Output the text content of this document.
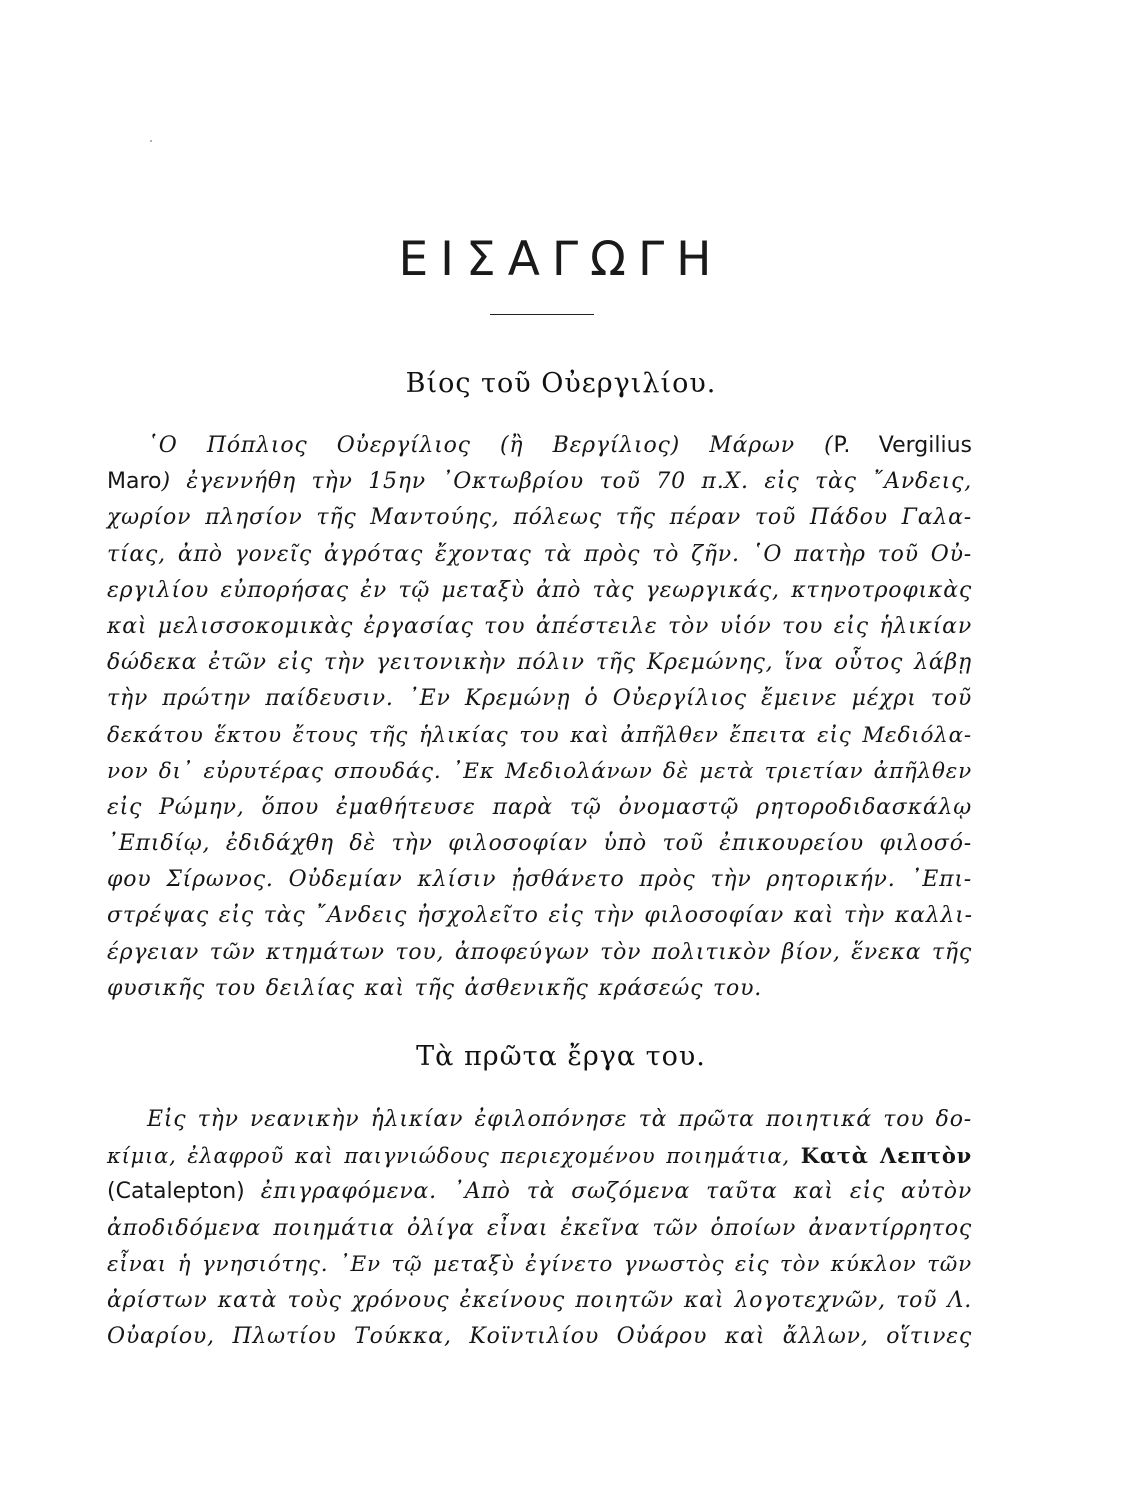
ΕΙΣΑΓΩΓΗ
Βίος τοῦ Οὐεργιλίου.
῾Ο Πόπλιος Οὐεργίλιος (ἢ Βεργίλιος) Μάρων (P. Vergilius
Maro) ἐγεννήθη τὴν 15ην ᾿Οκτωβρίου τοῦ 70 π.Χ. εἰς τὰς ῎Ανδεις,
χωρίον πλησίον τῆς Μαντούης, πόλεως τῆς πέραν τοῦ Πάδου Γαλα-
τίας, ἀπὸ γονεῖς ἀγρότας ἔχοντας τὰ πρὸς τὸ ζῆν. ῾Ο πατὴρ τοῦ Οὐ-
εργιλίου εὐπορήσας ἐν τῷ μεταξὺ ἀπὸ τὰς γεωργικάς, κτηνοτροφικὰς
καὶ μελισσοκομικὰς ἐργασίας του ἀπέστειλε τὸν υἱόν του εἰς ἡλικίαν
δώδεκα ἐτῶν εἰς τὴν γειτονικὴν πόλιν τῆς Κρεμώνης, ἵνα οὗτος λάβῃ
τὴν πρώτην παίδευσιν. ᾿Εν Κρεμώνῃ ὁ Οὐεργίλιος ἔμεινε μέχρι τοῦ
δεκάτου ἕκτου ἔτους τῆς ἡλικίας του καὶ ἀπῆλθεν ἔπειτα εἰς Μεδιόλα-
νον δι᾿ εὐρυτέρας σπουδάς. ᾿Εκ Μεδιολάνων δὲ μετὰ τριετίαν ἀπῆλθεν
εἰς Ρώμην, ὅπου ἐμαθήτευσε παρὰ τῷ ὀνομαστῷ ρητοροδιδασκάλῳ
᾿Επιδίῳ, ἐδιδάχθη δὲ τὴν φιλοσοφίαν ὑπὸ τοῦ ἐπικουρείου φιλοσό-
φου Σίρωνος. Οὐδεμίαν κλίσιν ᾐσθάνετο πρὸς τὴν ρητορικήν. ᾿Επι-
στρέψας εἰς τὰς ῎Ανδεις ἠσχολεῖτο εἰς τὴν φιλοσοφίαν καὶ τὴν καλλι-
έργειαν τῶν κτημάτων του, ἀποφεύγων τὸν πολιτικὸν βίον, ἕνεκα τῆς
φυσικῆς του δειλίας καὶ τῆς ἀσθενικῆς κράσεώς του.
Τὰ πρῶτα ἔργα του.
Εἰς τὴν νεανικὴν ἡλικίαν ἐφιλοπόνησε τὰ πρῶτα ποιητικά του δο-
κίμια, ἐλαφροῦ καὶ παιγνιώδους περιεχομένου ποιημάτια, Κατὰ Λεπτὸν
(Catalepton) ἐπιγραφόμενα. ᾿Απὸ τὰ σωζόμενα ταῦτα καὶ εἰς αὐτὸν
ἀποδιδόμενα ποιημάτια ὀλίγα εἶναι ἐκεῖνα τῶν ὁποίων ἀναντίρρητος
εἶναι ἡ γνησιότης. ᾿Εν τῷ μεταξὺ ἐγίνετο γνωστὸς εἰς τὸν κύκλον τῶν
ἀρίστων κατὰ τοὺς χρόνους ἐκείνους ποιητῶν καὶ λογοτεχνῶν, τοῦ Λ.
Οὐαρίου, Πλωτίου Τούκκα, Κοϊντιλίου Οὐάρου καὶ ἄλλων, οἵτινες
